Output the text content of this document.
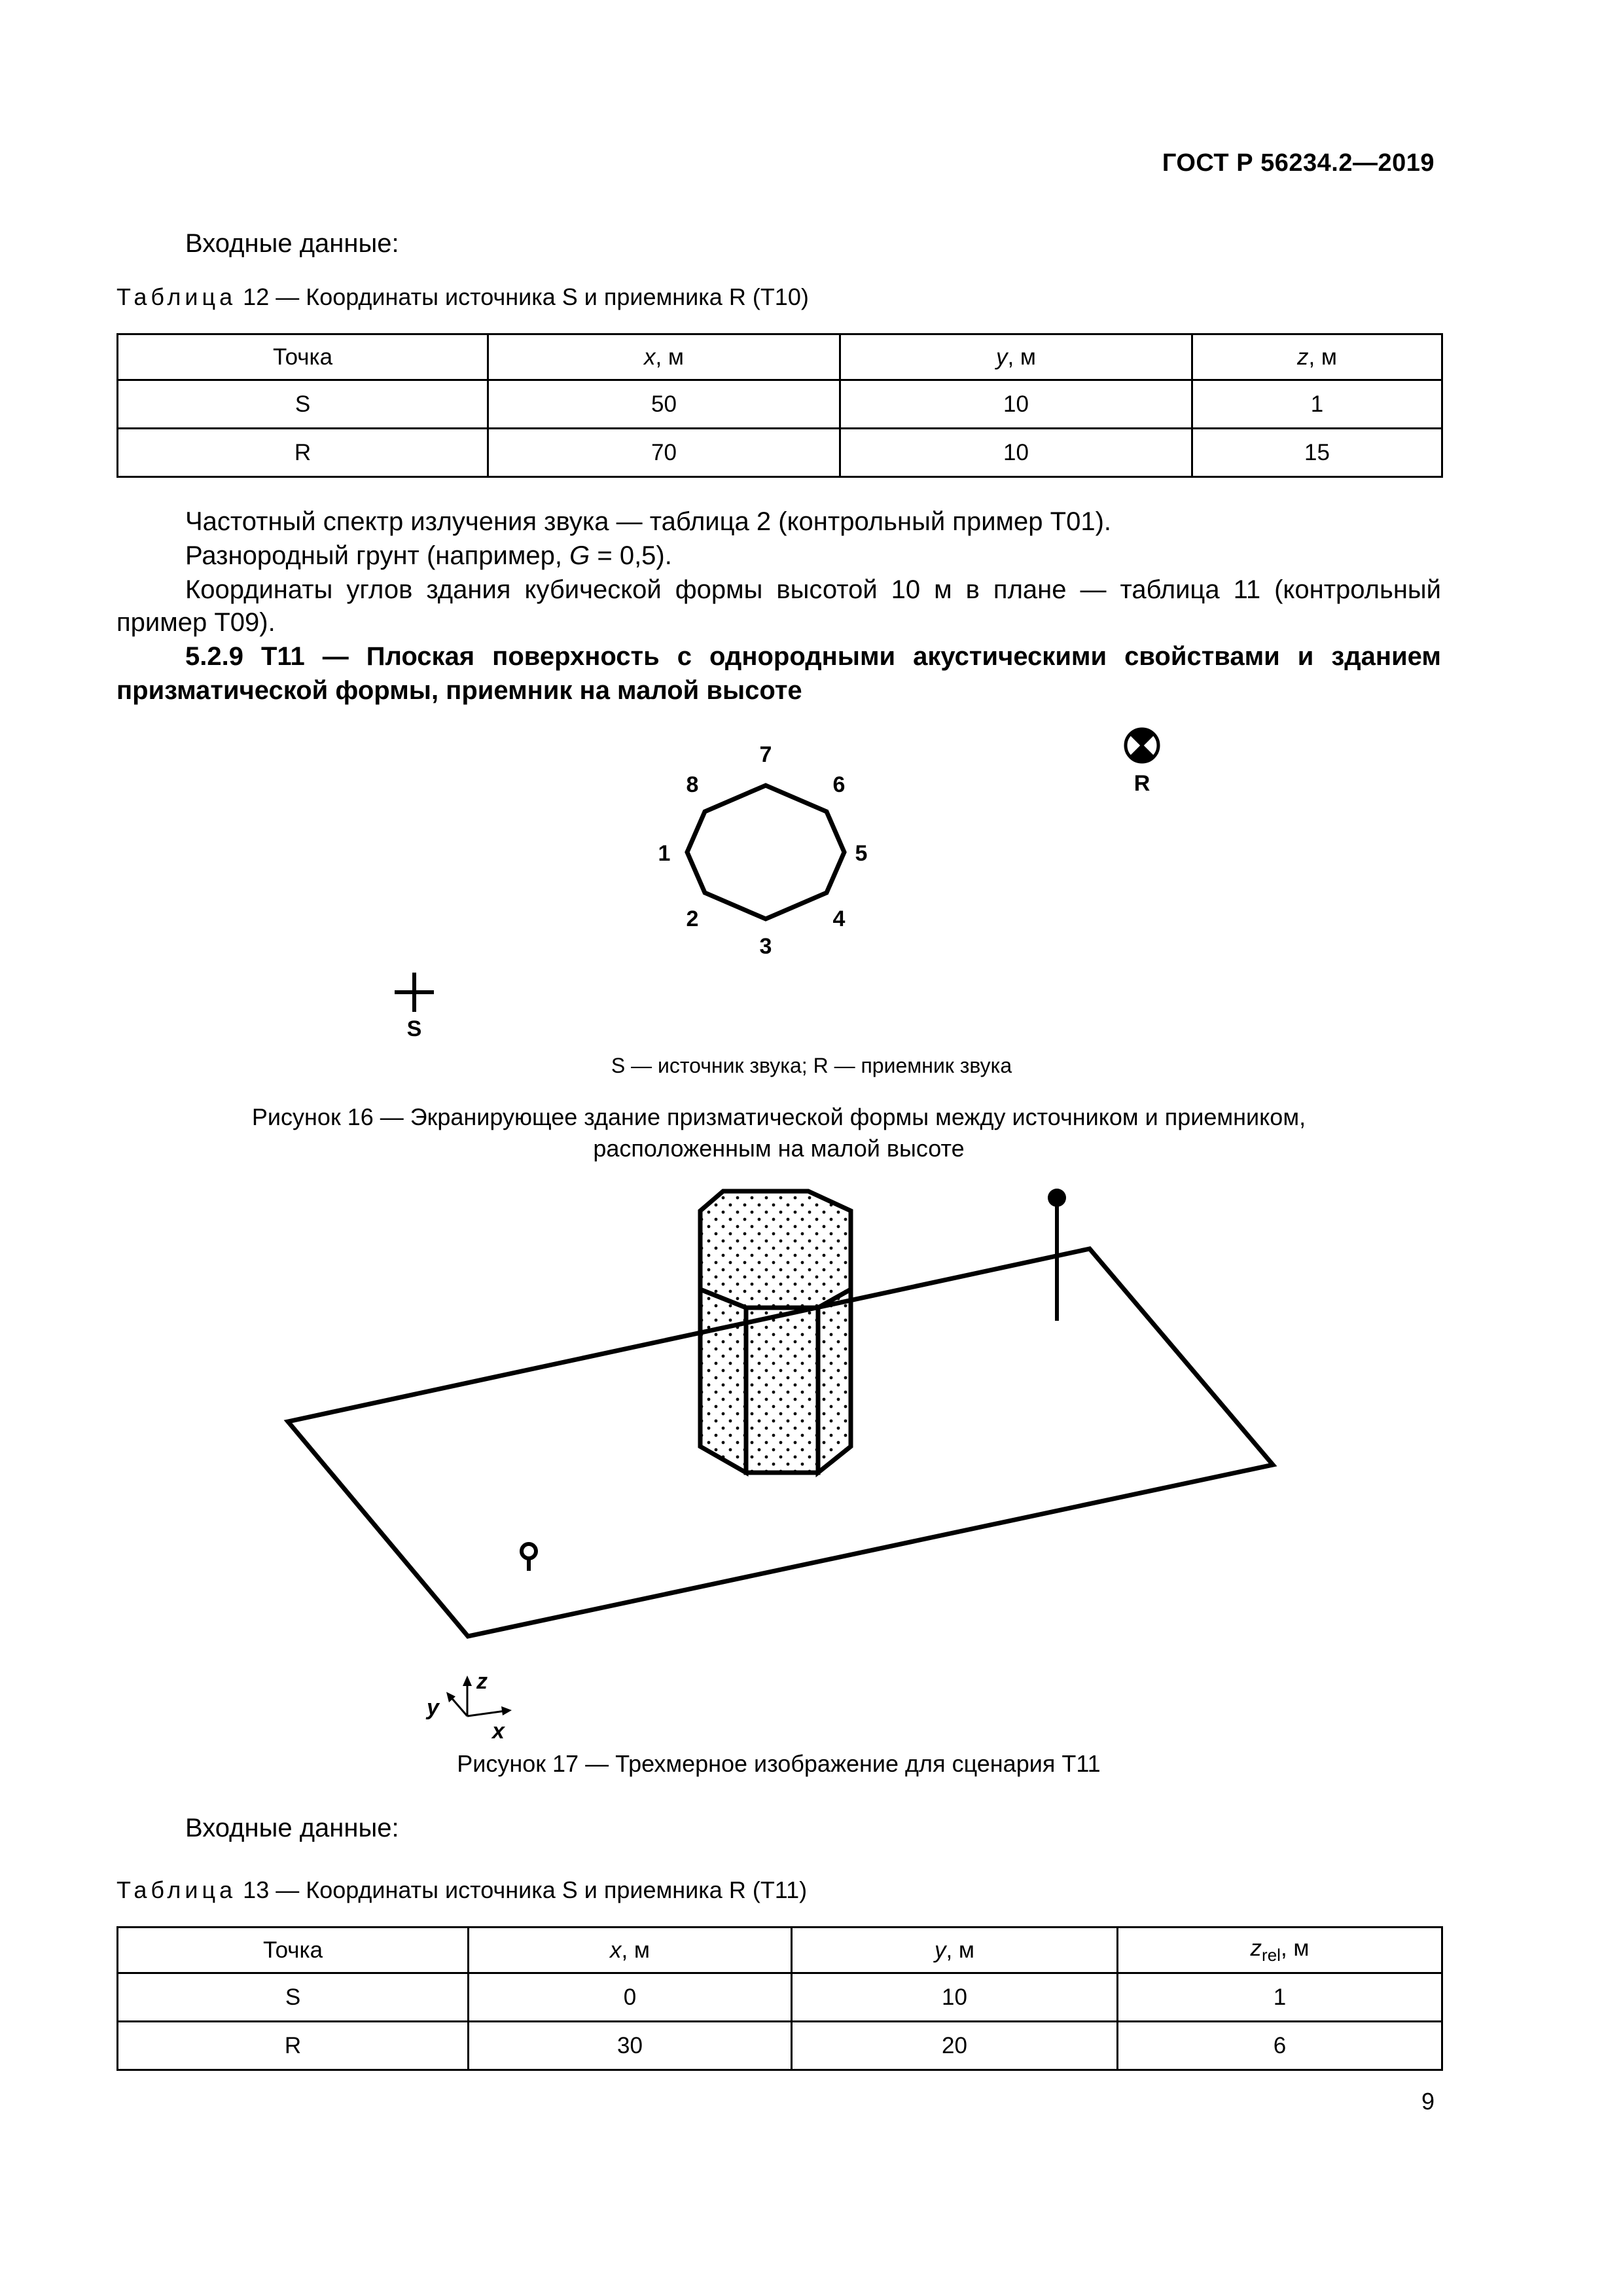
ГОСТ Р 56234.2—2019
Входные данные:
Таблица 12 — Координаты источника S и приемника R (T10)
Точка	x, м	y, м	z, м
S	50	10	1
R	70	10	15
Частотный спектр излучения звука — таблица 2 (контрольный пример T01).
Разнородный грунт (например, G = 0,5).
Координаты углов здания кубической формы высотой 10 м в плане — таблица 11 (контрольный
пример T09).
5.2.9 T11 — Плоская поверхность с однородными акустическими свойствами и зданием
призматической формы, приемник на малой высоте
1
2
3
4
5
6
7
8	R
S
S — источник звука; R — приемник звука
Рисунок 16 — Экранирующее здание призматической формы между источником и приемником,
расположенным на малой высоте
z
y
x
Рисунок 17 — Трехмерное изображение для сценария T11
Входные данные:
Таблица 13 — Координаты источника S и приемника R (T11)
Точка	x, м	y, м	$z_{rel}$, м
S	0	10	1
R	30	20	6
9
